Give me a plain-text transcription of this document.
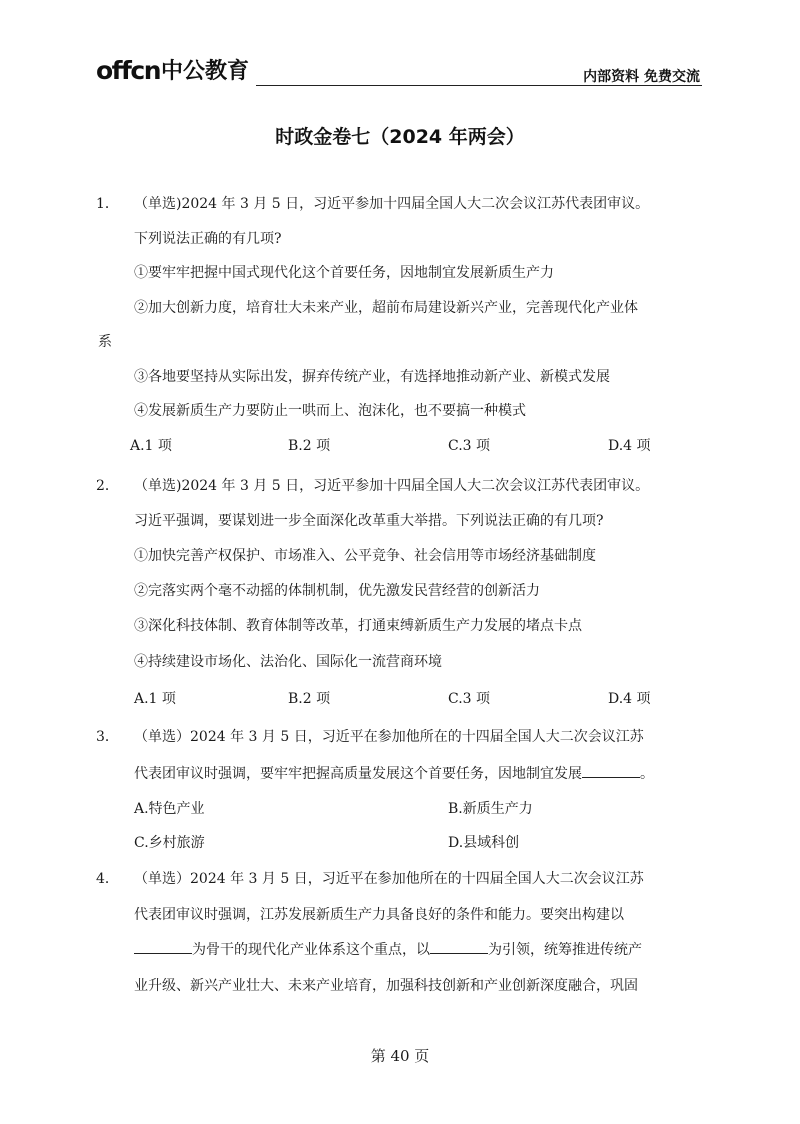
offcn 中公教育	内部资料 免费交流
时政金卷七（2024 年两会）
1． （单选)2024 年 3 月 5 日，习近平参加十四届全国人大二次会议江苏代表团审议。
下列说法正确的有几项?
①要牢牢把握中国式现代化这个首要任务，因地制宜发展新质生产力
②加大创新力度，培育壮大未来产业，超前布局建设新兴产业，完善现代化产业体
系
③各地要坚持从实际出发，摒弃传统产业，有选择地推动新产业、新模式发展
④发展新质生产力要防止一哄而上、泡沫化，也不要搞一种模式
A.1 项	B.2 项	C.3 项	D.4 项
2． （单选)2024 年 3 月 5 日，习近平参加十四届全国人大二次会议江苏代表团审议。
习近平强调，要谋划进一步全面深化改革重大举措。下列说法正确的有几项?
①加快完善产权保护、市场准入、公平竞争、社会信用等市场经济基础制度
②完落实两个毫不动摇的体制机制，优先激发民营经营的创新活力
③深化科技体制、教育体制等改革，打通束缚新质生产力发展的堵点卡点
④持续建设市场化、法治化、国际化一流营商环境
A.1 项	B.2 项	C.3 项	D.4 项
3． （单选）2024 年 3 月 5 日，习近平在参加他所在的十四届全国人大二次会议江苏
代表团审议时强调，要牢牢把握高质量发展这个首要任务，因地制宜发展	。
A.特色产业	B.新质生产力
C.乡村旅游	D.县域科创
4． （单选）2024 年 3 月 5 日，习近平在参加他所在的十四届全国人大二次会议江苏
代表团审议时强调，江苏发展新质生产力具备良好的条件和能力。要突出构建以
为骨干的现代化产业体系这个重点，以	为引领，统筹推进传统产
业升级、新兴产业壮大、未来产业培育，加强科技创新和产业创新深度融合，巩固
第 40 页
